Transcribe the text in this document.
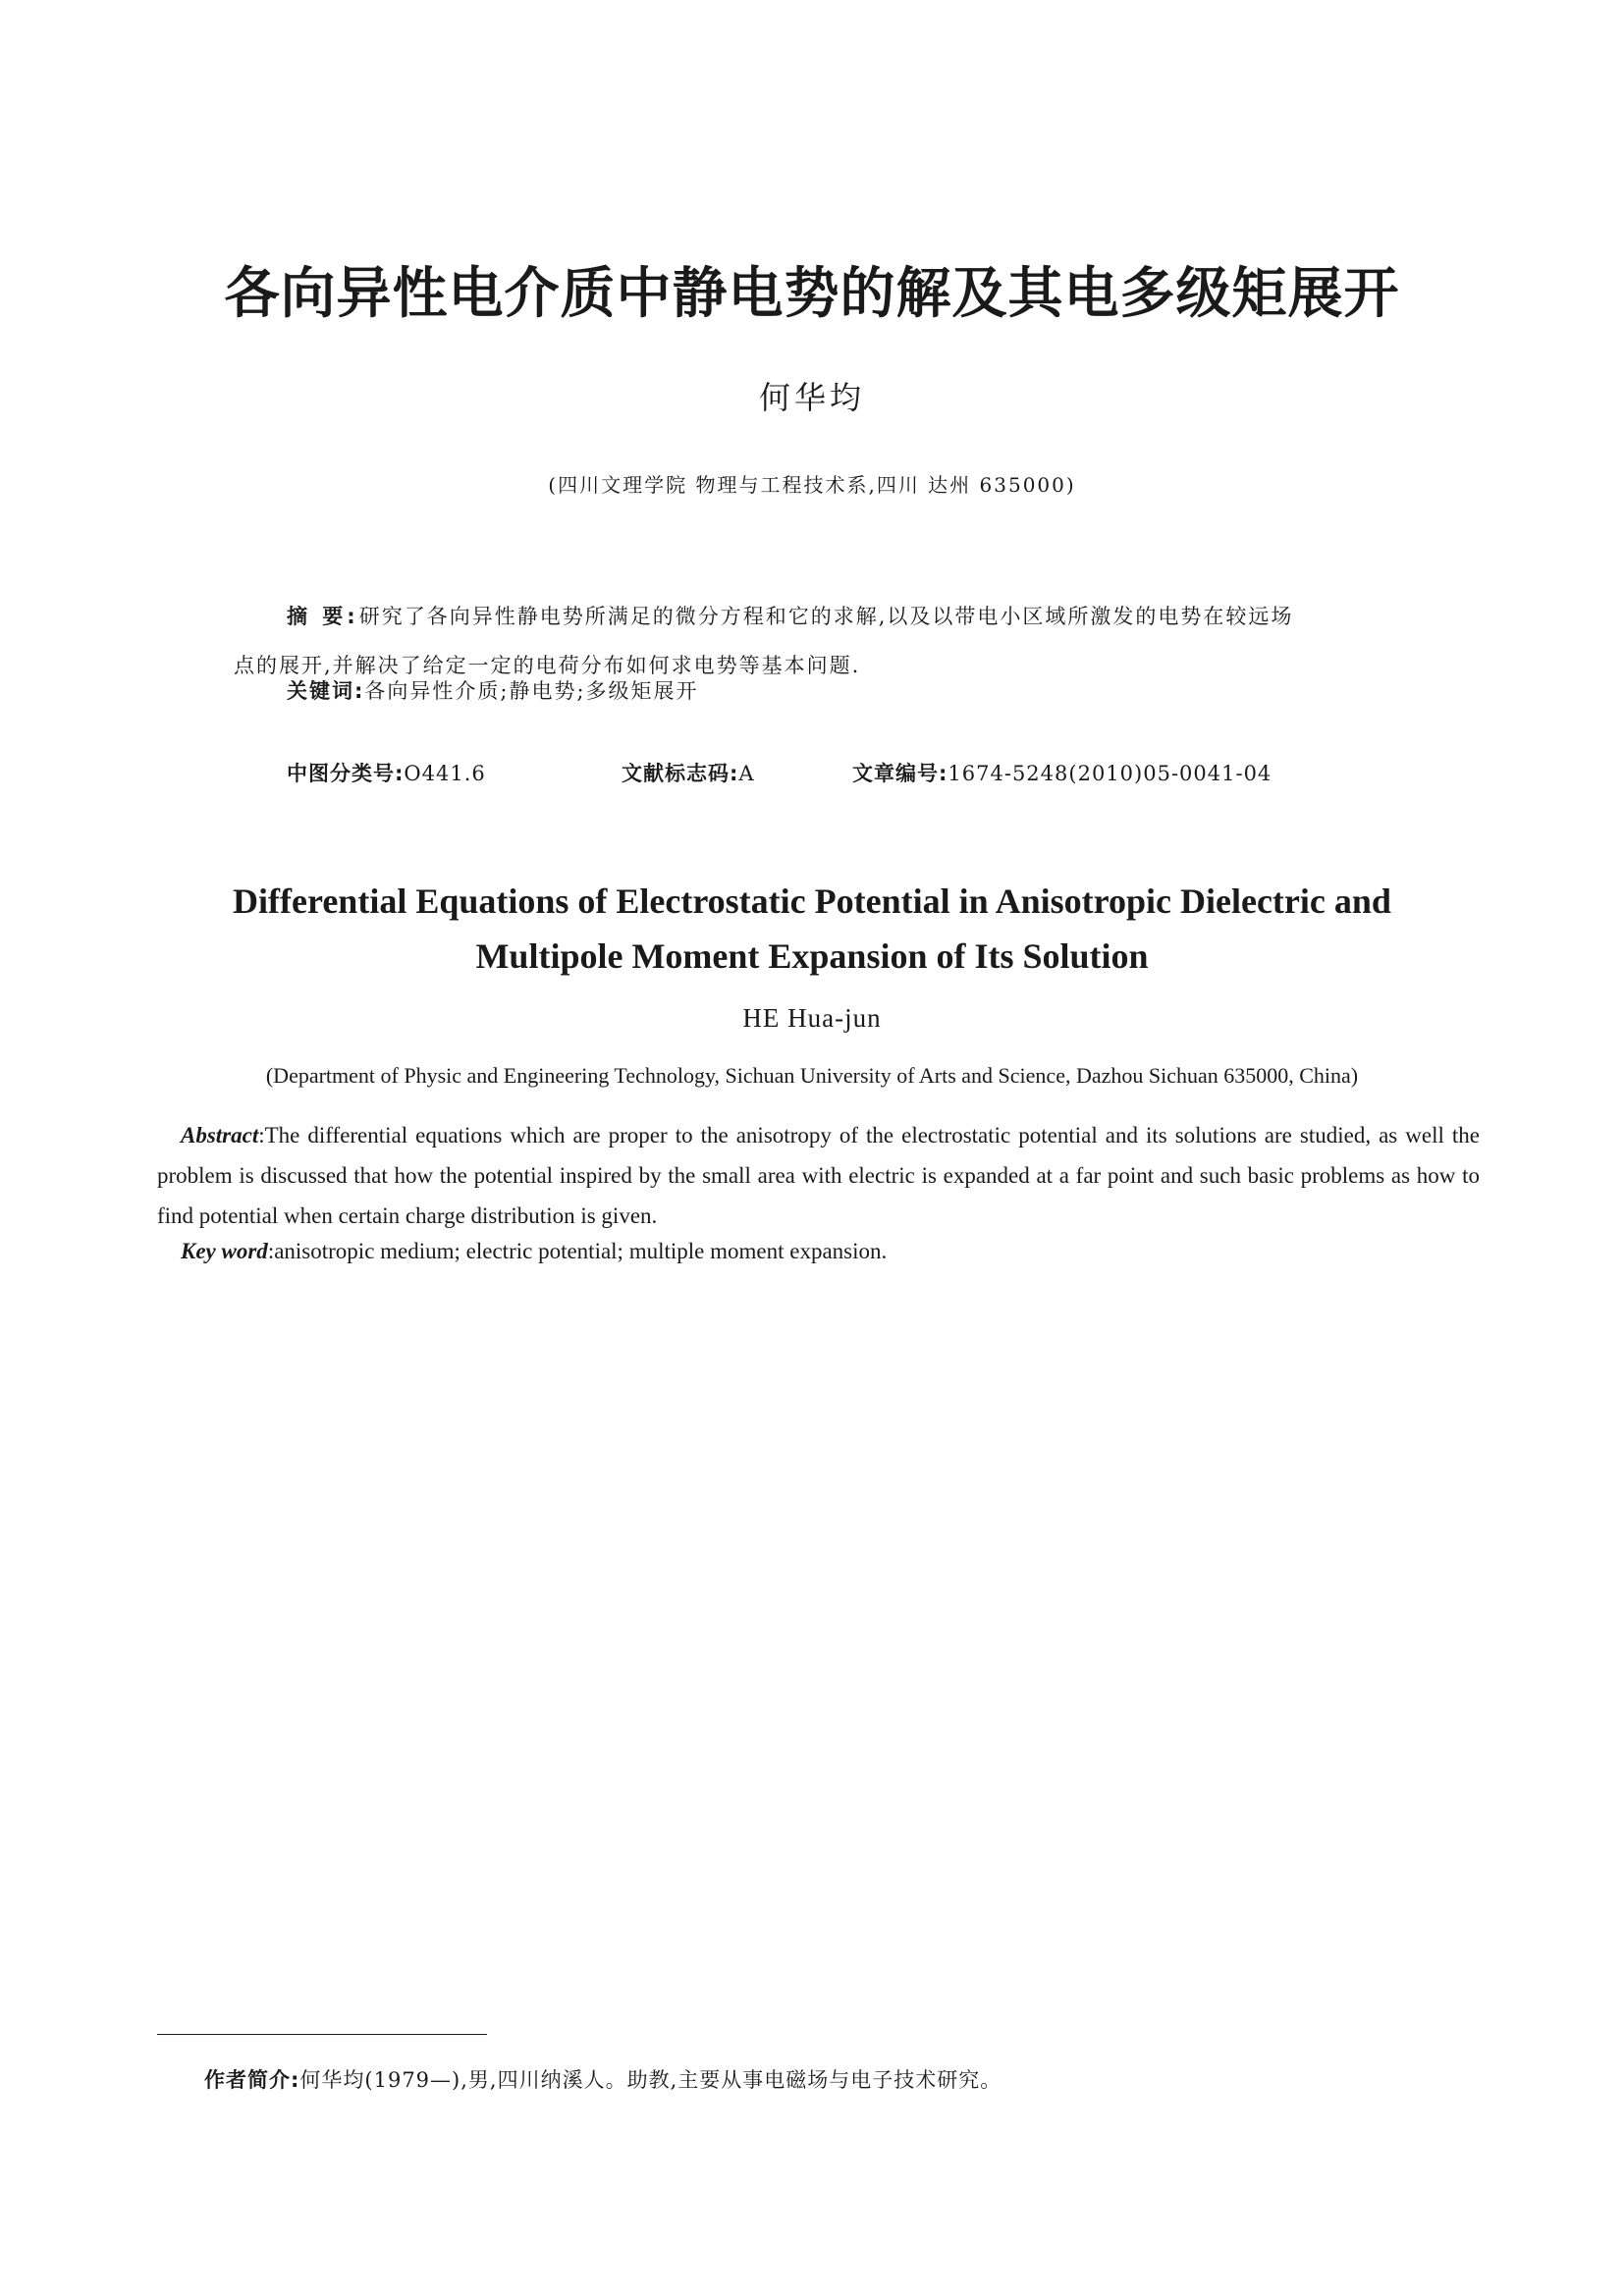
各向异性电介质中静电势的解及其电多级矩展开
何华均
(四川文理学院 物理与工程技术系,四川 达州 635000)
摘 要:研究了各向异性静电势所满足的微分方程和它的求解,以及以带电小区域所激发的电势在较远场
点的展开,并解决了给定一定的电荷分布如何求电势等基本问题.
关键词:各向异性介质;静电势;多级矩展开
中图分类号:O441.6	文献标志码:A	文章编号:1674-5248(2010)05-0041-04
Differential Equations of Electrostatic Potential in Anisotropic Dielectric and
Multipole Moment Expansion of Its Solution
HE Hua-jun
(Department of Physic and Engineering Technology, Sichuan University of Arts and Science, Dazhou Sichuan 635000, China)
Abstract:The differential equations which are proper to the anisotropy of the electrostatic potential and its solutions are studied, as well the problem is discussed that how the potential inspired by the small area with electric is expanded at a far point and such basic problems as how to find potential when certain charge distribution is given.
Key word:anisotropic medium; electric potential; multiple moment expansion.
作者简介:何华均(1979—),男,四川纳溪人。助教,主要从事电磁场与电子技术研究。
